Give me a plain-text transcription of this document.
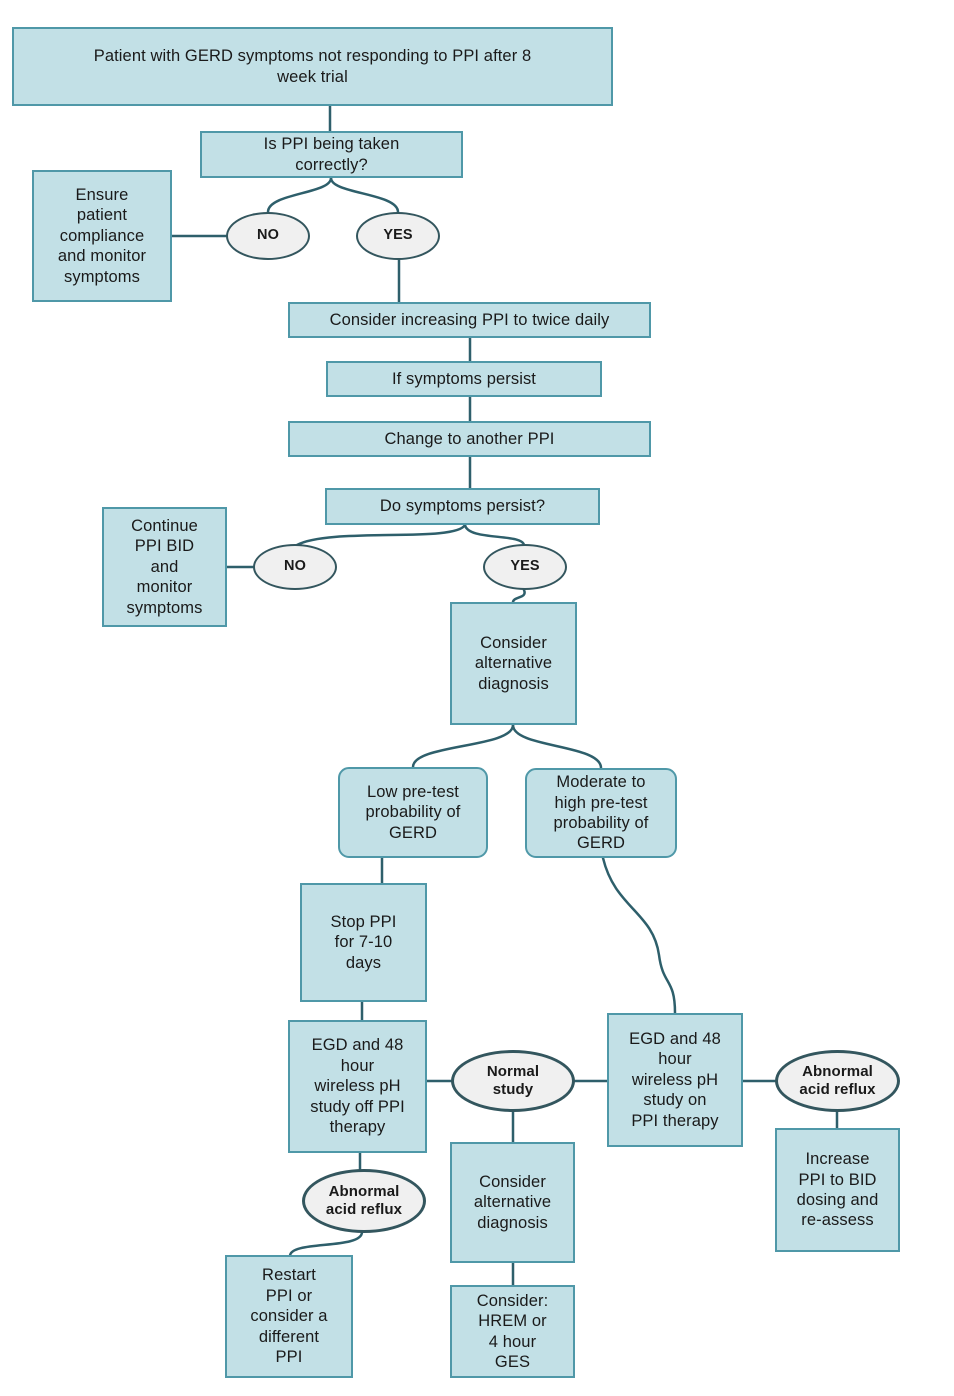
Patient with GERD symptoms not responding to PPI after 8 week trial
Is PPI being taken correctly?
Ensure patient compliance and monitor symptoms
NO	YES
Consider increasing PPI to twice daily
If symptoms persist
Change to another PPI
Do symptoms persist?
Continue PPI BID and monitor symptoms
NO	YES
Consider alternative diagnosis
Low pre-test probability of GERD
Moderate to high pre-test probability of GERD
Stop PPI for 7-10 days
EGD and 48 hour wireless pH study off PPI therapy
Normal study
EGD and 48 hour wireless pH study on PPI therapy
Abnormal acid reflux
Abnormal acid reflux
Restart PPI or consider a different PPI
Consider alternative diagnosis
Consider: HREM or 4 hour GES
Increase PPI to BID dosing and re-assess
